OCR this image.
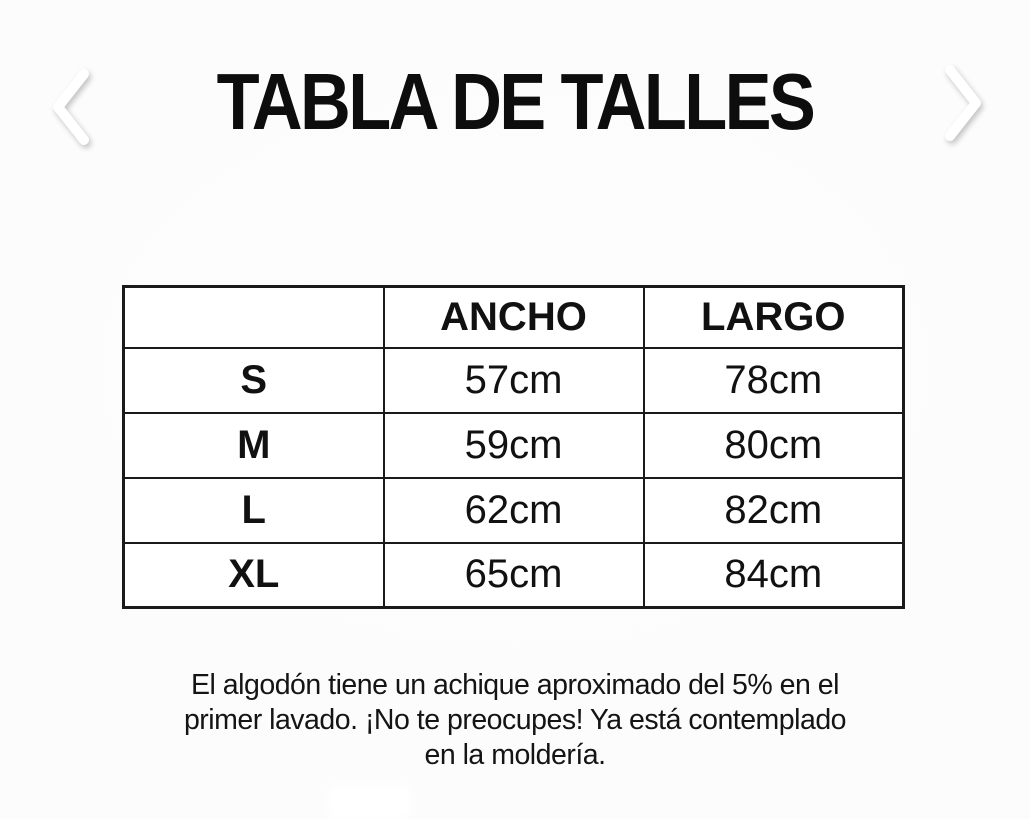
TABLA DE TALLES
	ANCHO	LARGO
S	57cm	78cm
M	59cm	80cm
L	62cm	82cm
XL	65cm	84cm
El algodón tiene un achique aproximado del 5% en el
primer lavado. ¡No te preocupes! Ya está contemplado
en la moldería.
